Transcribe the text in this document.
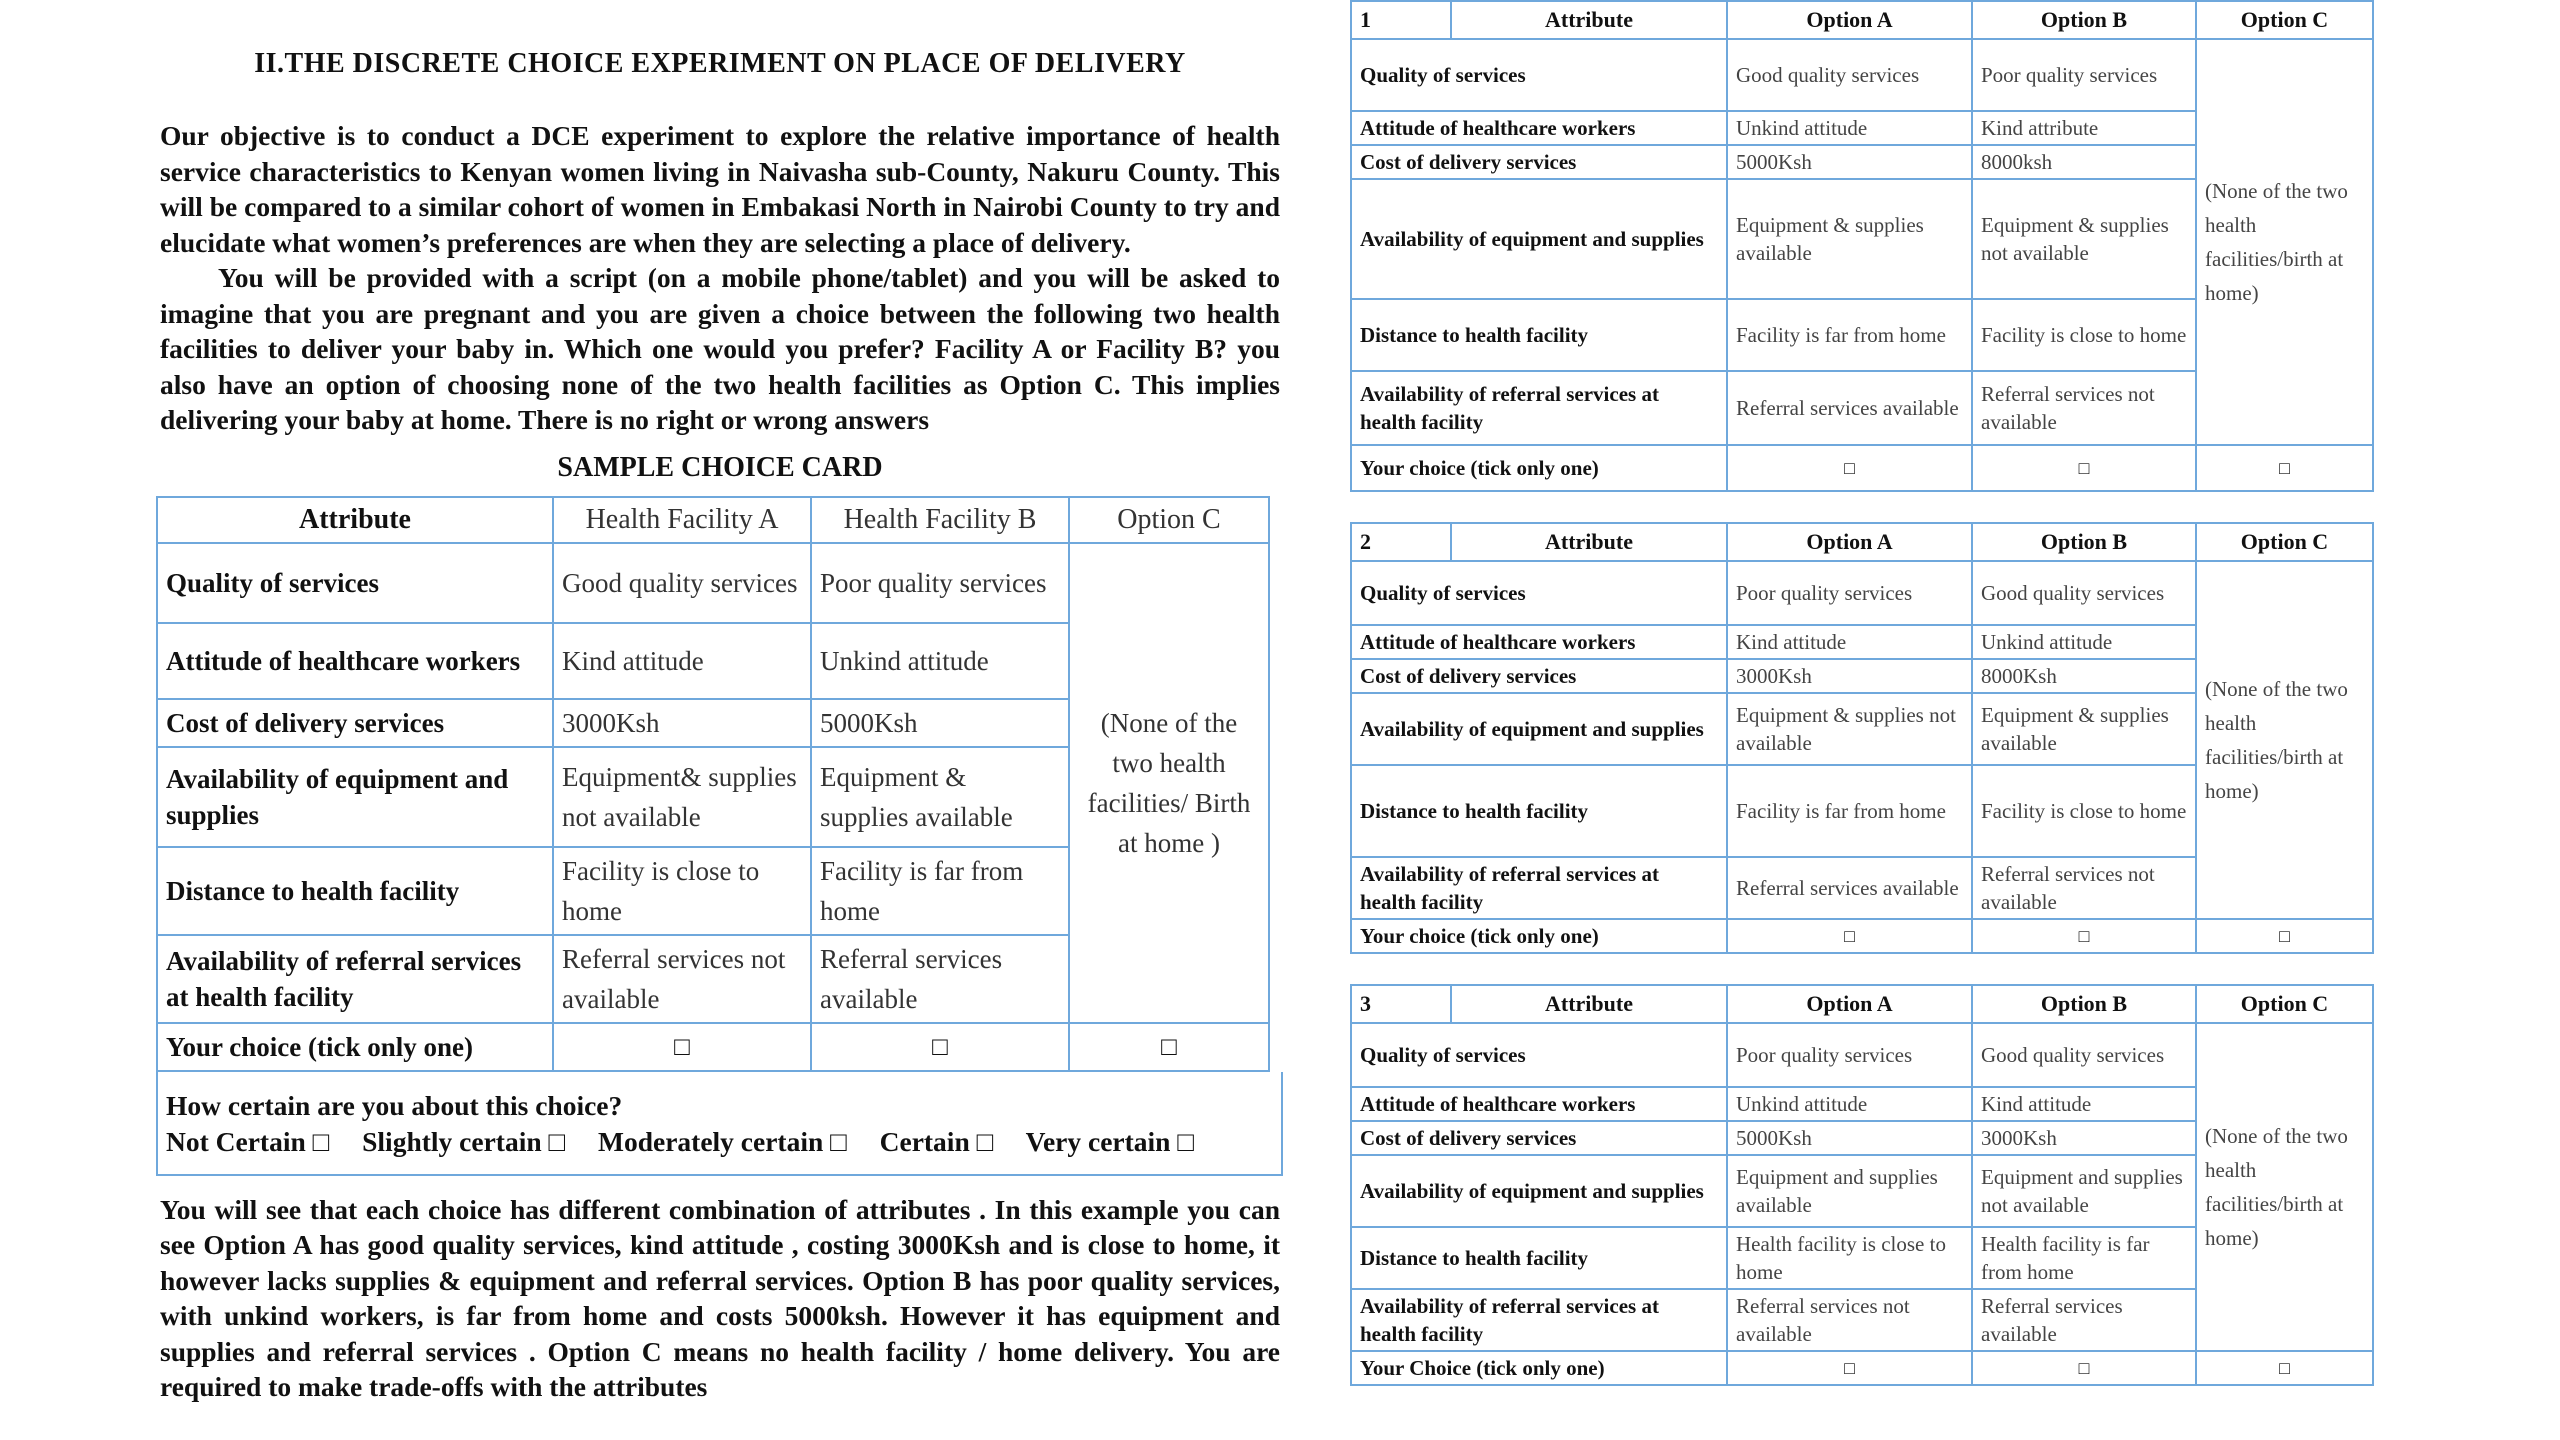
II.THE DISCRETE CHOICE EXPERIMENT ON PLACE OF DELIVERY

Our objective is to conduct a DCE experiment to explore the relative importance of health service characteristics to Kenyan women living in Naivasha sub-County, Nakuru County. This will be compared to a similar cohort of women in Embakasi North in Nairobi County to try and elucidate what women’s preferences are when they are selecting a place of delivery.

You will be provided with a script (on a mobile phone/tablet) and you will be asked to imagine that you are pregnant and you are given a choice between the following two health facilities to deliver your baby in. Which one would you prefer? Facility A or Facility B? you also have an option of choosing none of the two health facilities as Option C. This implies delivering your baby at home. There is no right or wrong answers

SAMPLE CHOICE CARD
Attribute	Health Facility A	Health Facility B	Option C
Quality of services	Good quality services	Poor quality services	(None of the two health facilities/ Birth at home )
Attitude of healthcare workers	Kind attitude	Unkind attitude	
Cost of delivery services	3000Ksh	5000Ksh	
Availability of equipment and supplies	Equipment& supplies not available	Equipment & supplies available	
Distance to health facility	Facility is close to home	Facility is far from home	
Availability of referral services at health facility	Referral services not available	Referral services available	
Your choice (tick only one)	□	□	□
How certain are you about this choice?
Not Certain □ Slightly certain □ Moderately certain □ Certain □ Very certain □

You will see that each choice has different combination of attributes . In this example you can see Option A has good quality services, kind attitude , costing 3000Ksh and is close to home, it however lacks supplies & equipment and referral services. Option B has poor quality services, with unkind workers, is far from home and costs 5000ksh. However it has equipment and supplies and referral services . Option C means no health facility / home delivery. You are required to make trade-offs with the attributes

1	Attribute	Option A	Option B	Option C
Quality of services		Good quality services	Poor quality services	(None of the two health facilities/birth at home)
Attitude of healthcare workers		Unkind attitude	Kind attribute	
Cost of delivery services		5000Ksh	8000ksh	
Availability of equipment and supplies		Equipment & supplies available	Equipment & supplies not available	
Distance to health facility		Facility is far from home	Facility is close to home	
Availability of referral services at health facility		Referral services available	Referral services not available	
Your choice (tick only one)		□	□	□
2	Attribute	Option A	Option B	Option C
Quality of services		Poor quality services	Good quality services	(None of the two health facilities/birth at home)
Attitude of healthcare workers		Kind attitude	Unkind attitude	
Cost of delivery services		3000Ksh	8000Ksh	
Availability of equipment and supplies		Equipment & supplies not available	Equipment & supplies available	
Distance to health facility		Facility is far from home	Facility is close to home	
Availability of referral services at health facility		Referral services available	Referral services not available	
Your choice (tick only one)		□	□	□
3	Attribute	Option A	Option B	Option C
Quality of services		Poor quality services	Good quality services	(None of the two health facilities/birth at home)
Attitude of healthcare workers		Unkind attitude	Kind attitude	
Cost of delivery services		5000Ksh	3000Ksh	
Availability of equipment and supplies		Equipment and supplies available	Equipment and supplies not available	
Distance to health facility		Health facility is close to home	Health facility is far from home	
Availability of referral services at health facility		Referral services not available	Referral services available	
Your Choice (tick only one)		□	□	□
